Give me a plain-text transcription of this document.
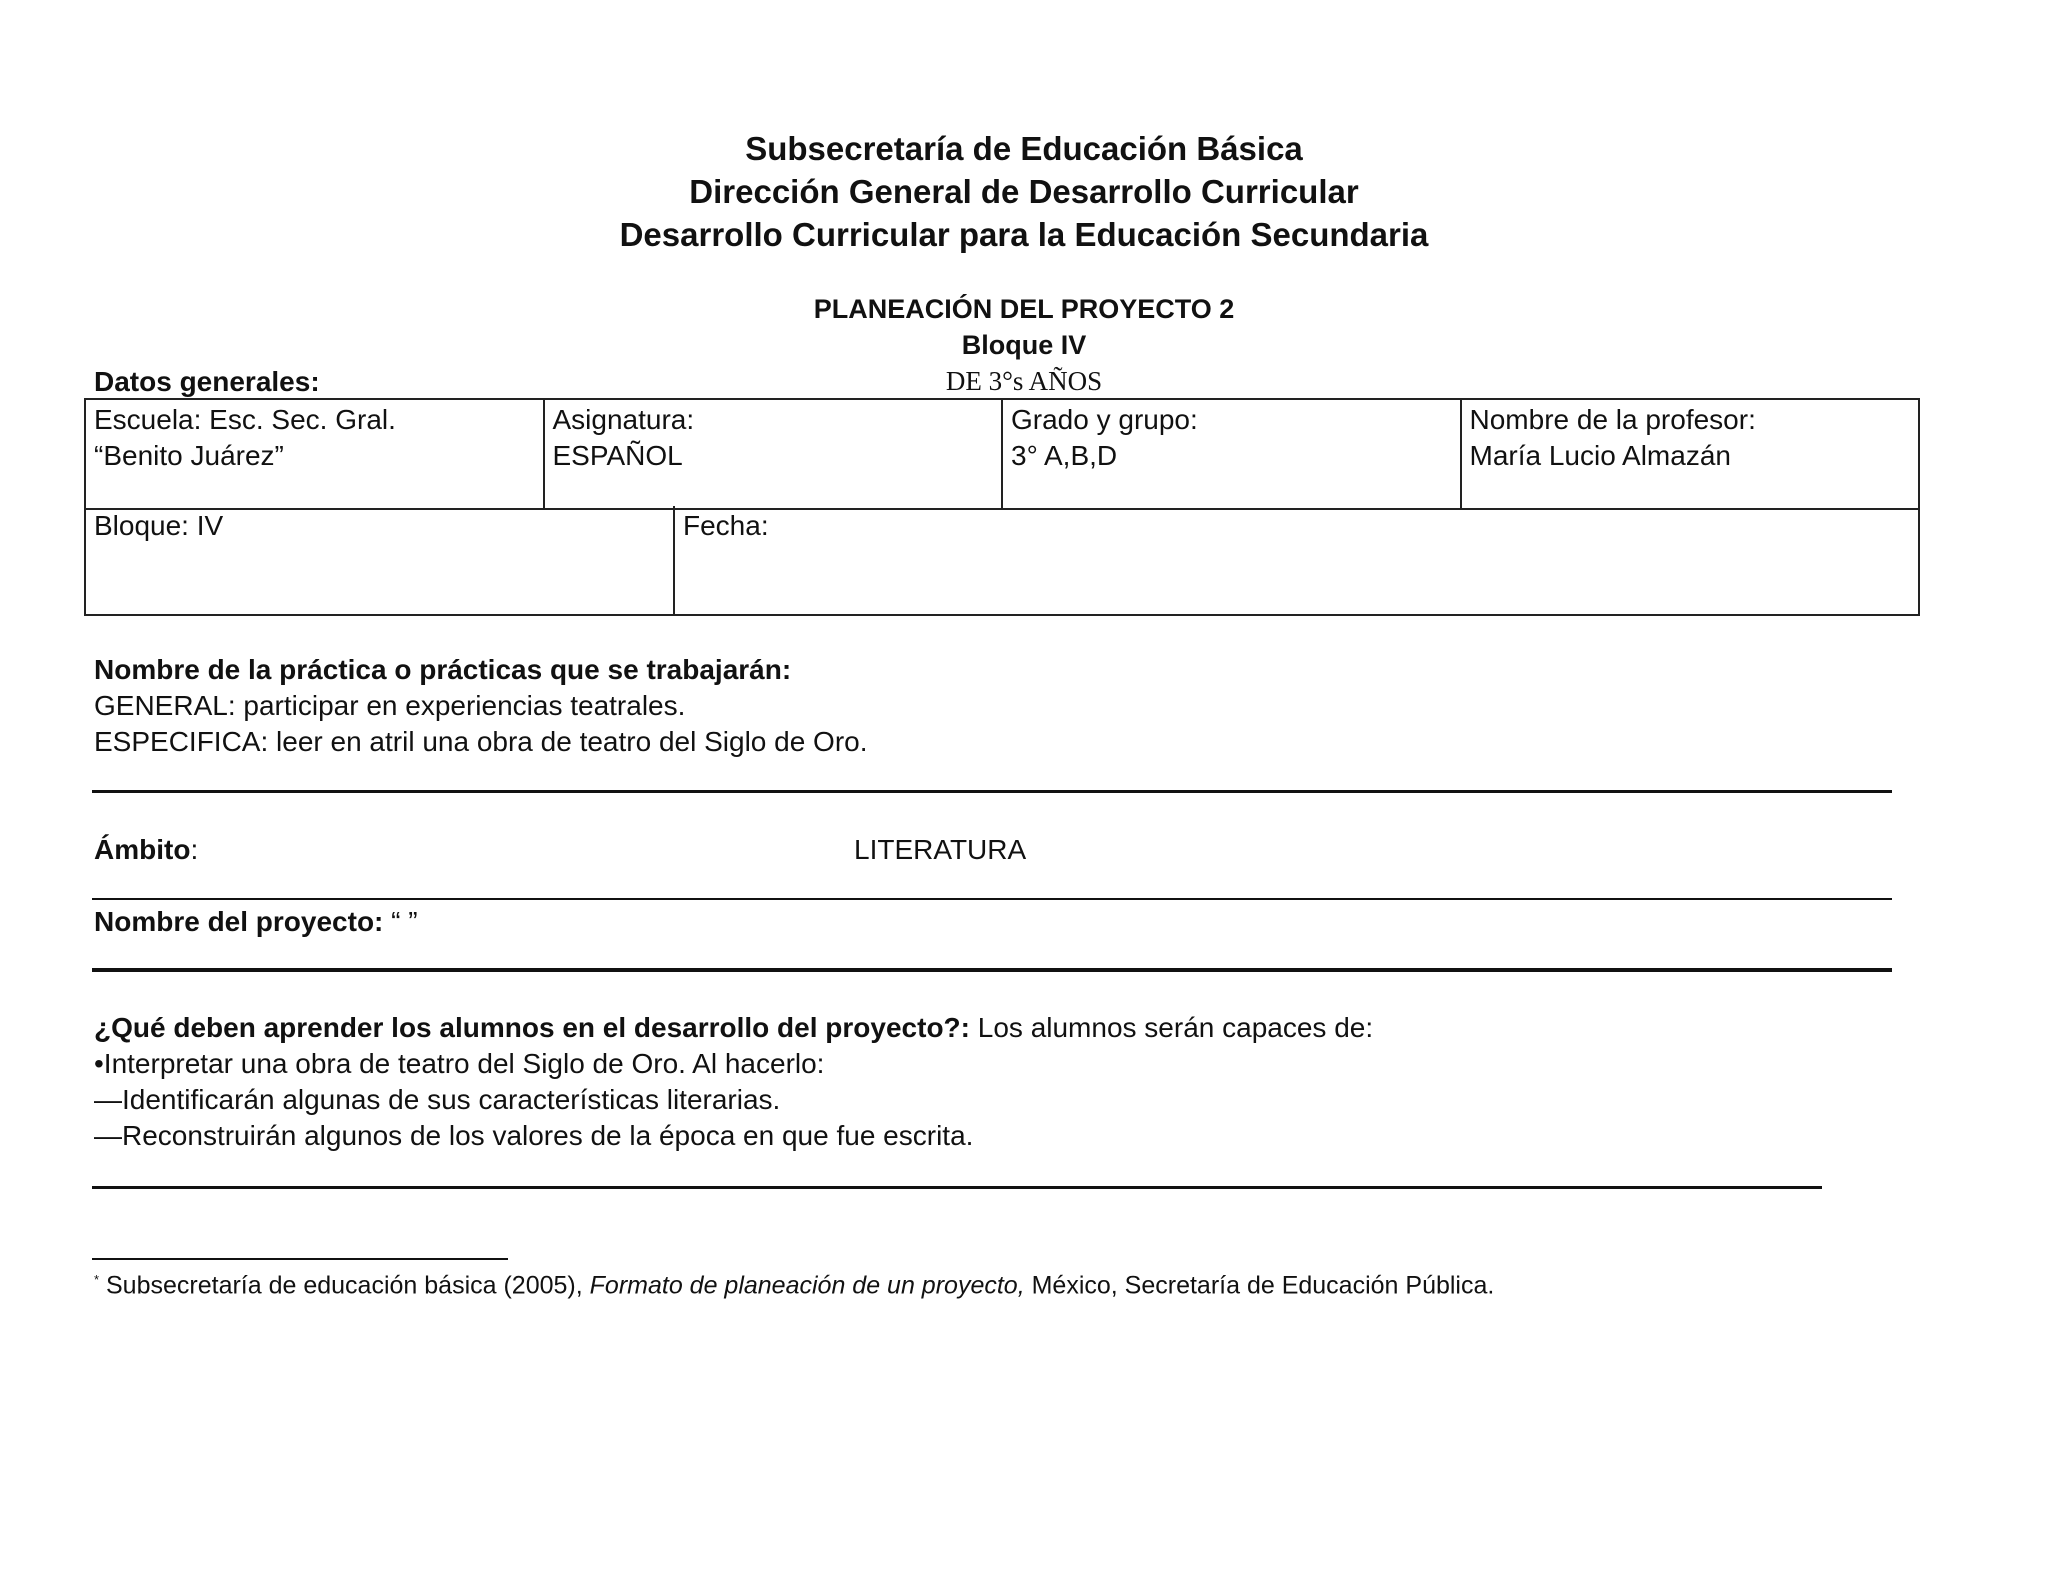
Subsecretaría de Educación Básica
Dirección General de Desarrollo Curricular
Desarrollo Curricular para la Educación Secundaria
PLANEACIÓN DEL PROYECTO 2
Bloque IV
DE 3°s AÑOS
Datos generales:
Escuela: Esc. Sec. Gral.
“Benito Juárez”
Asignatura:
ESPAÑOL
Grado y grupo:
3° A,B,D
Nombre de la profesor:
María Lucio Almazán
Bloque: IV	Fecha:
Nombre de la práctica o prácticas que se trabajarán:
GENERAL: participar en experiencias teatrales.
ESPECIFICA: leer en atril una obra de teatro del Siglo de Oro.
Ámbito:	LITERATURA
Nombre del proyecto: “ ”
¿Qué deben aprender los alumnos en el desarrollo del proyecto?: Los alumnos serán capaces de:
•Interpretar una obra de teatro del Siglo de Oro. Al hacerlo:
—Identificarán algunas de sus características literarias.
—Reconstruirán algunos de los valores de la época en que fue escrita.
* Subsecretaría de educación básica (2005), Formato de planeación de un proyecto, México, Secretaría de Educación Pública.
